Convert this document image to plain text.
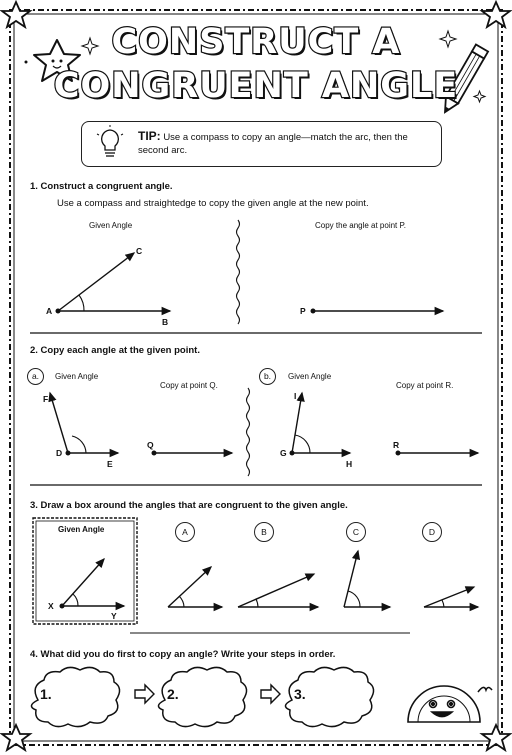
CONSTRUCT A
CONGRUENT ANGLE
TIP: Use a compass to copy an angle—match the arc, then the second arc.
1. Construct a congruent angle.
Use a compass and straightedge to copy the given angle at the new point.
Given Angle	Copy the angle at point P.
A
C
B
P
2. Copy each angle at the given point.
a.	Given Angle
Copy at point Q.
b.	Given Angle
Copy at point R.
F
D
E
Q
I
G
H
R
3. Draw a box around the angles that are congruent to the given angle.
Given Angle
X
Y
A	B	C	D
4. What did you do first to copy an angle? Write your steps in order.
1.	2.	3.
